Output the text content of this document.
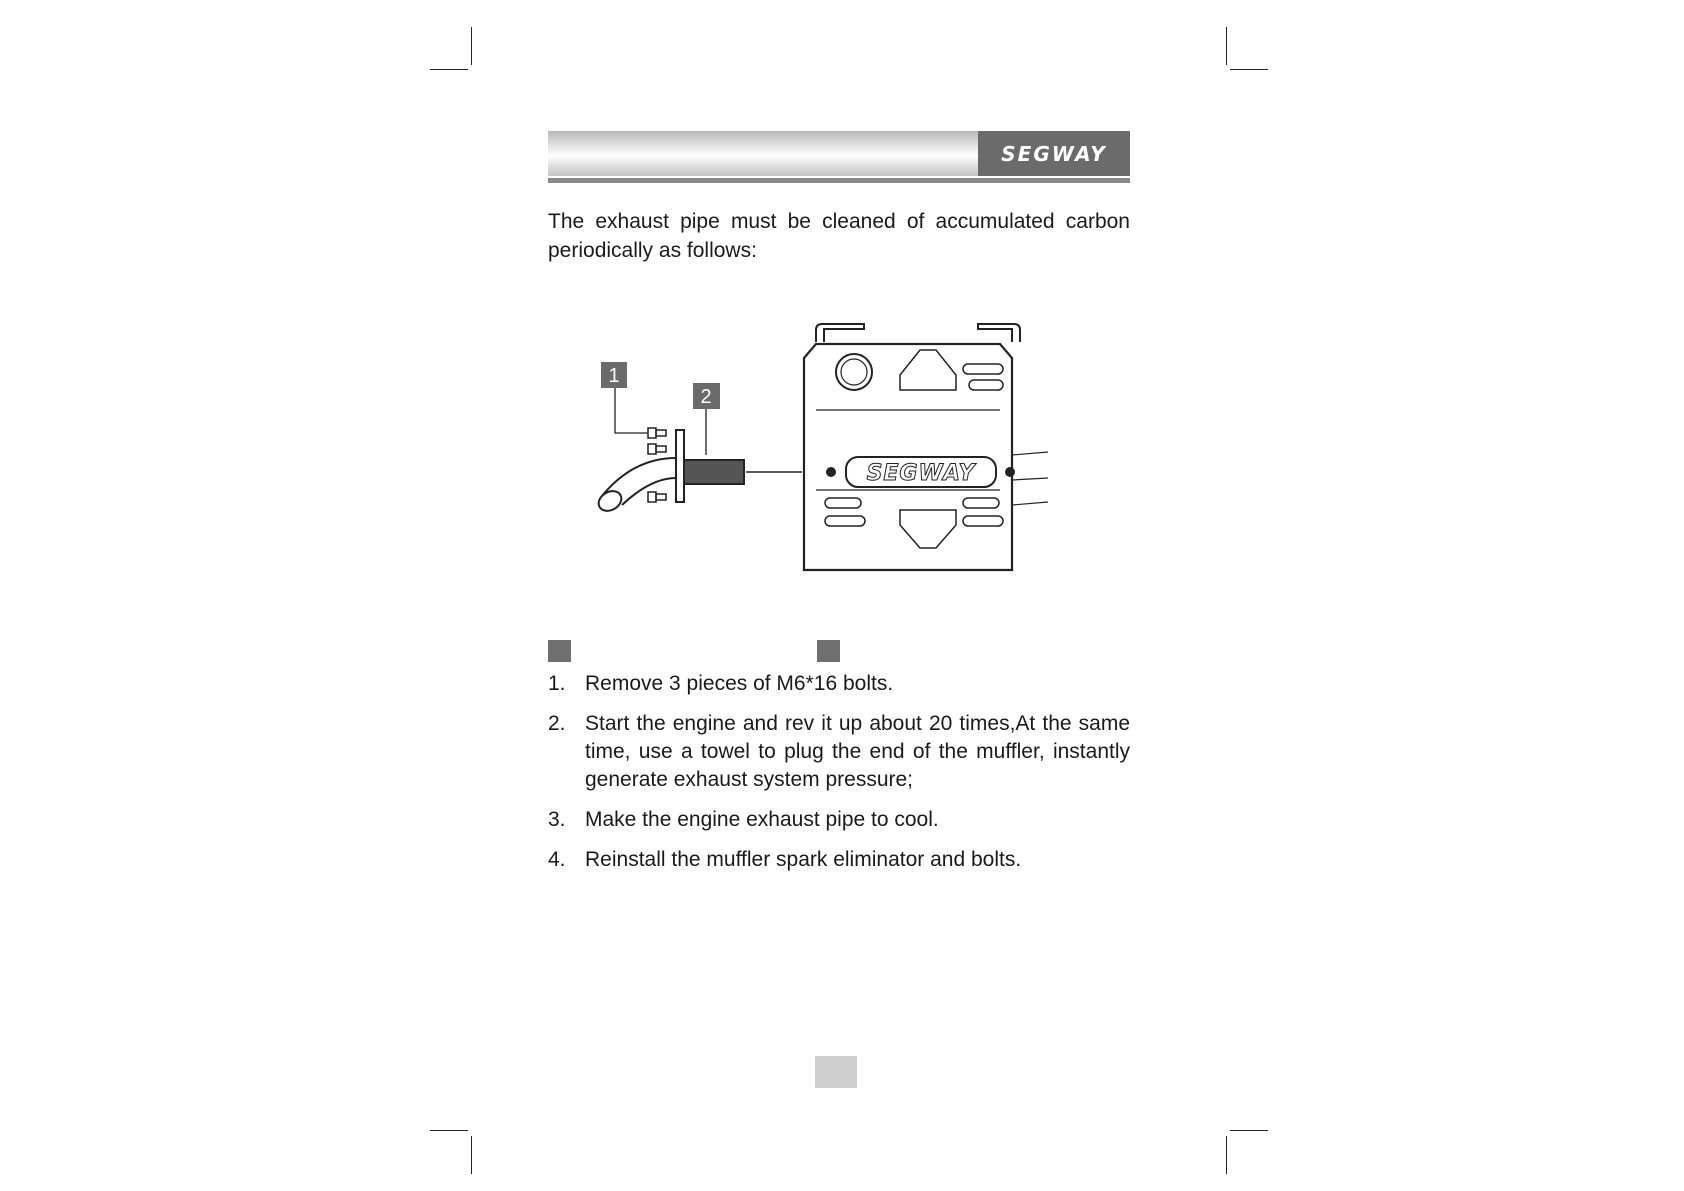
SEGWAY

The exhaust pipe must be cleaned of accumulated carbon periodically as follows:

1
2
SEGWAY
1. Remove 3 pieces of M6*16 bolts.
2. Start the engine and rev it up about 20 times,At the same time, use a towel to plug the end of the muffler, instantly generate exhaust system pressure;
3. Make the engine exhaust pipe to cool.
4. Reinstall the muffler spark eliminator and bolts.
